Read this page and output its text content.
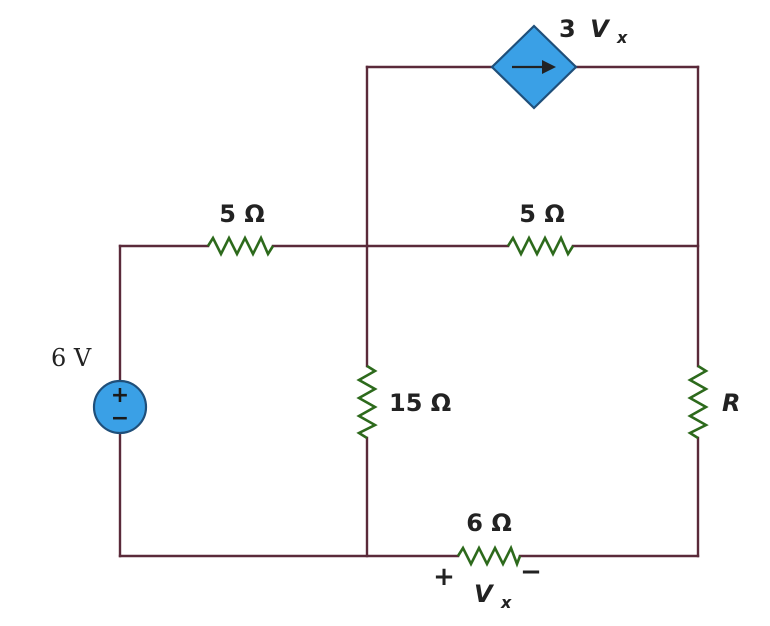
+
−
3 V $_x$
5 Ω	5 Ω
15 Ω	R
6 Ω
6 V
+	−
V $_x$
